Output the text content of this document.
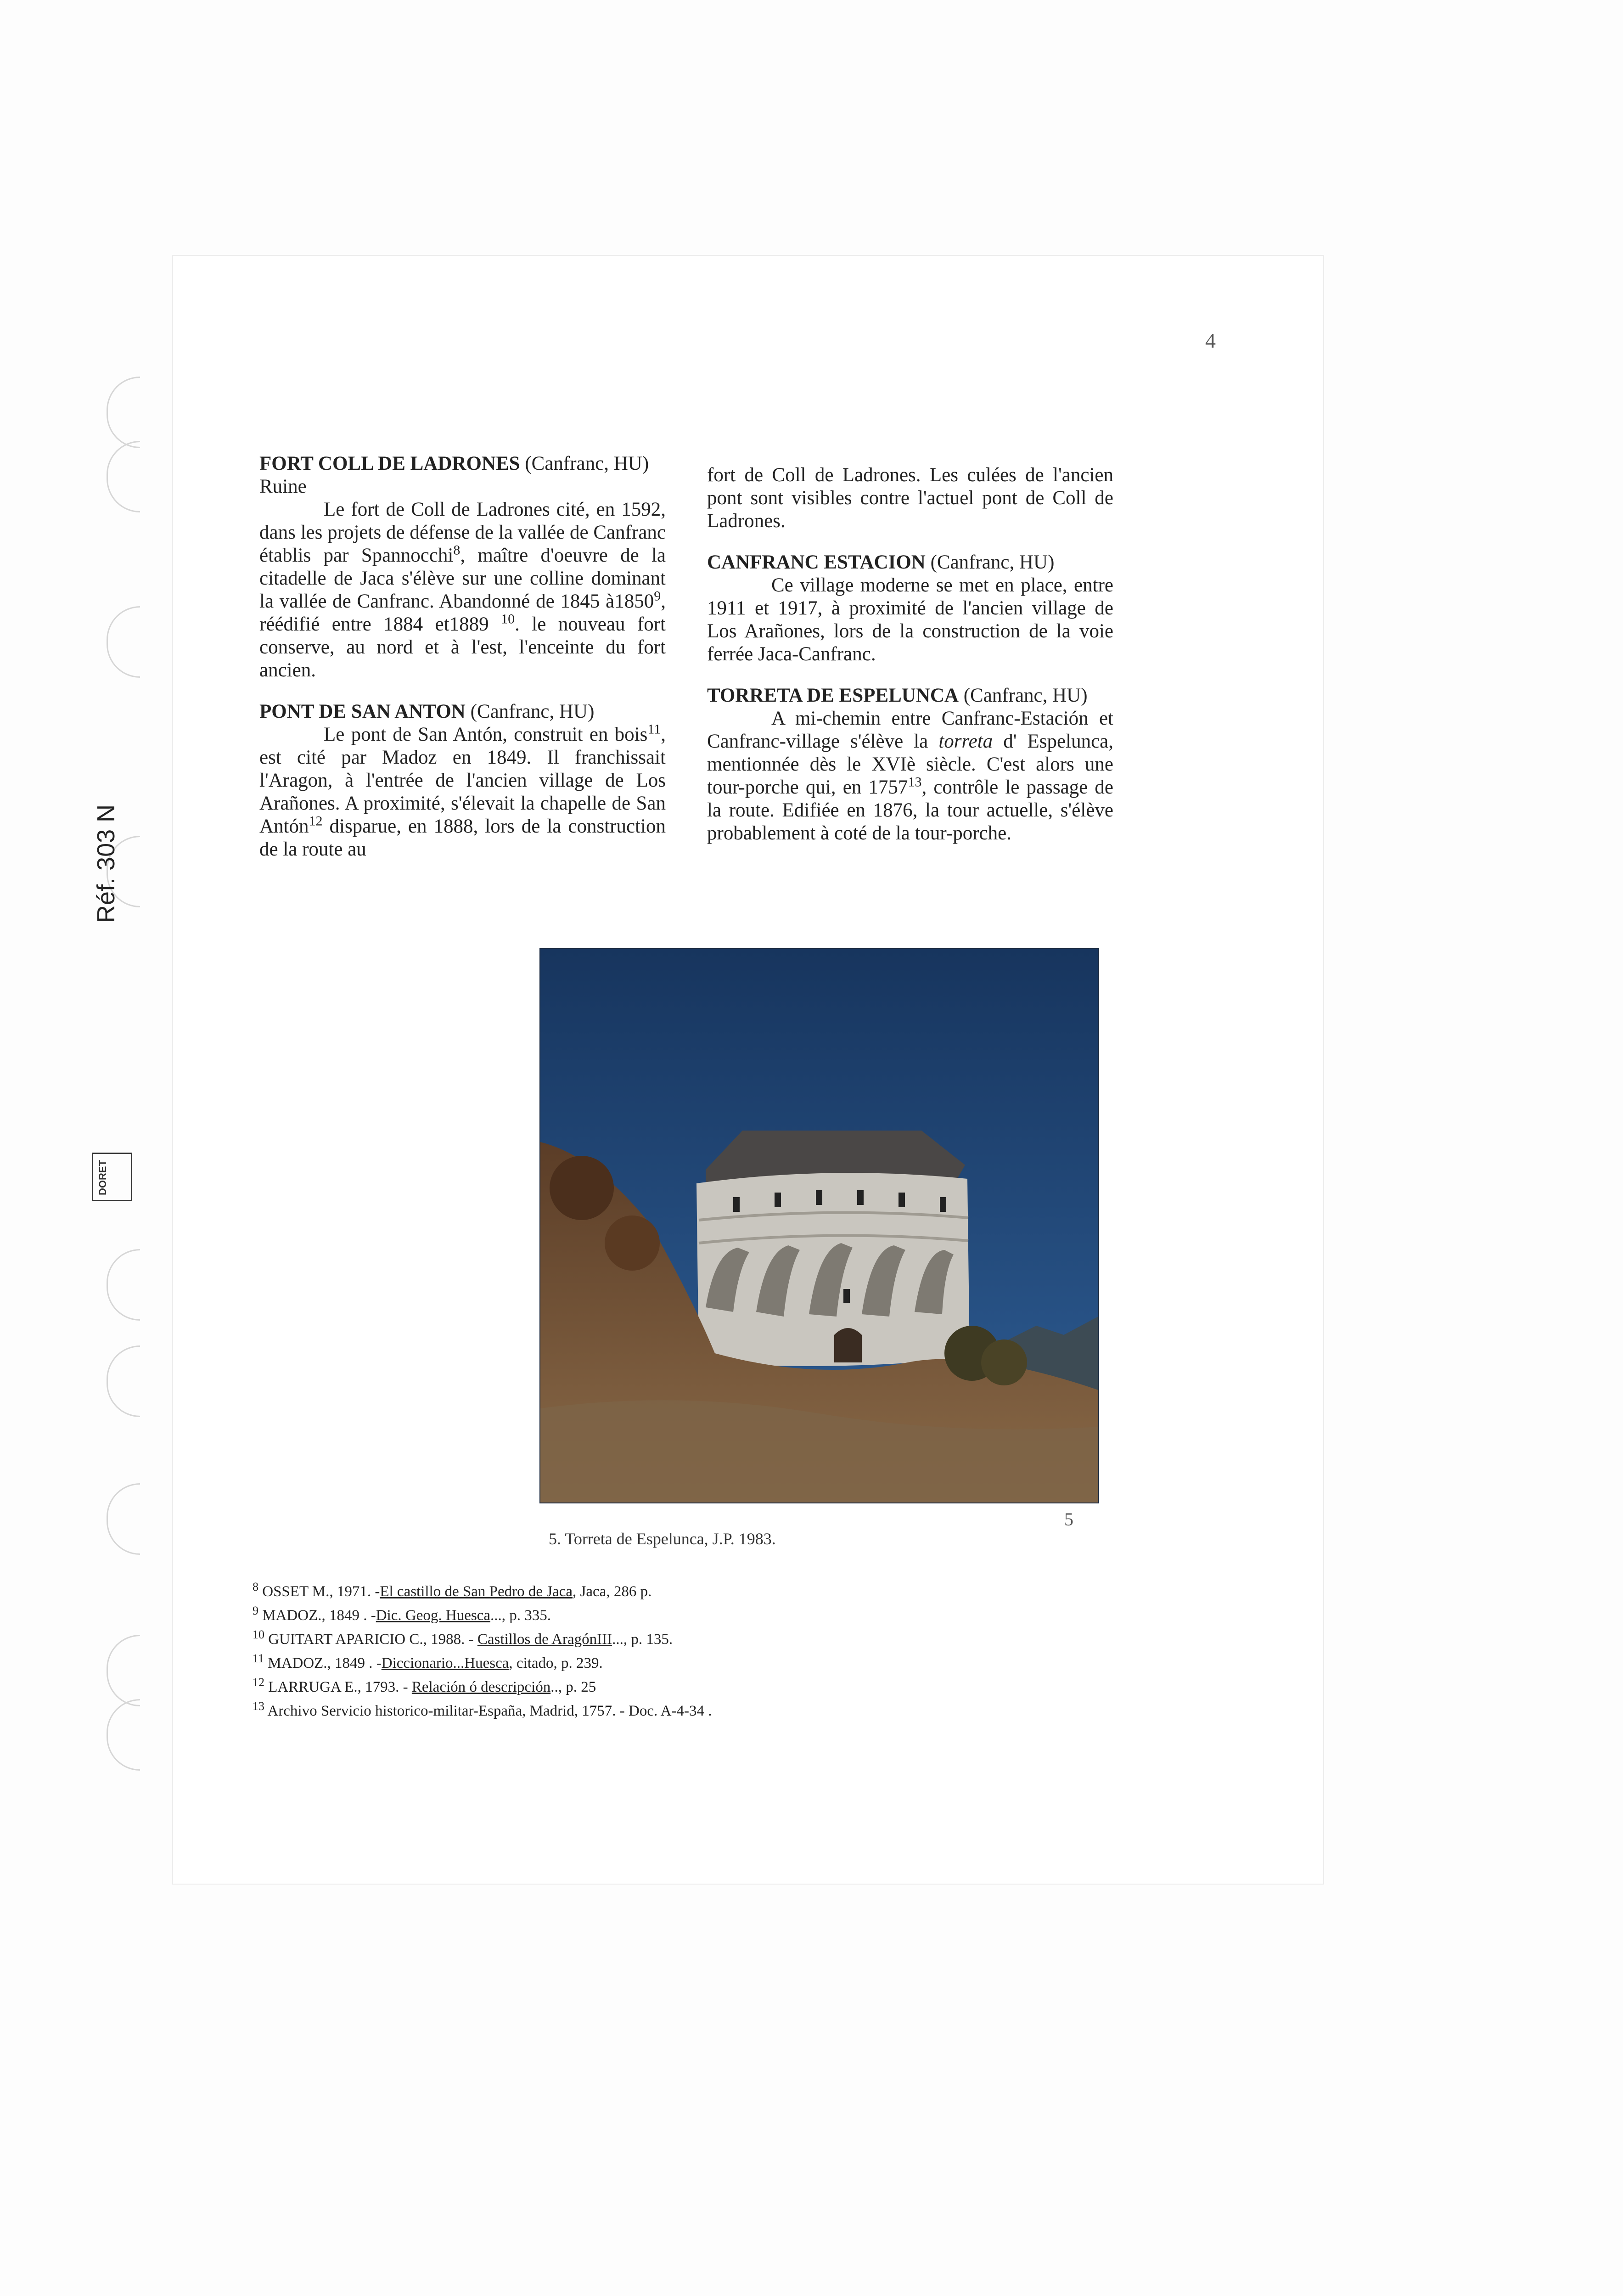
Réf. 303 N
DORET
4

FORT COLL DE LADRONES (Canfranc, HU)

Ruine

Le fort de Coll de Ladrones cité, en 1592, dans les projets de défense de la vallée de Canfranc établis par Spannocchi$^8$, maître d'oeuvre de la citadelle de Jaca s'élève sur une colline dominant la vallée de Canfranc. Abandonné de 1845 à1850$^9$, réédifié entre 1884 et1889 $^{10}$. le nouveau fort conserve, au nord et à l'est, l'enceinte du fort ancien.

PONT DE SAN ANTON (Canfranc, HU)

Le pont de San Antón, construit en bois$^{11}$, est cité par Madoz en 1849. Il franchissait l'Aragon, à l'entrée de l'ancien village de Los Arañones. A proximité, s'élevait la chapelle de San Antón$^{12}$ disparue, en 1888, lors de la construction de la route au

fort de Coll de Ladrones. Les culées de l'ancien pont sont visibles contre l'actuel pont de Coll de Ladrones.

CANFRANC ESTACION (Canfranc, HU)

Ce village moderne se met en place, entre 1911 et 1917, à proximité de l'ancien village de Los Arañones, lors de la construction de la voie ferrée Jaca-Canfranc.

TORRETA DE ESPELUNCA (Canfranc, HU)

A mi-chemin entre Canfranc-Estación et Canfranc-village s'élève la torreta d' Espelunca, mentionnée dès le XVIè siècle. C'est alors une tour-porche qui, en 1757$^{13}$, contrôle le passage de la route. Edifiée en 1876, la tour actuelle, s'élève probablement à coté de la tour-porche.

5
5. Torreta de Espelunca, J.P. 1983.

$^8$ OSSET M., 1971. -El castillo de San Pedro de Jaca, Jaca, 286 p.

$^9$ MADOZ., 1849 . -Dic. Geog. Huesca..., p. 335.

$^{10}$ GUITART APARICIO C., 1988. - Castillos de AragónIII..., p. 135.

$^{11}$ MADOZ., 1849 . -Diccionario...Huesca, citado, p. 239.

$^{12}$ LARRUGA E., 1793. - Relación ó descripción.., p. 25

$^{13}$ Archivo Servicio historico-militar-España, Madrid, 1757. - Doc. A-4-34 .
